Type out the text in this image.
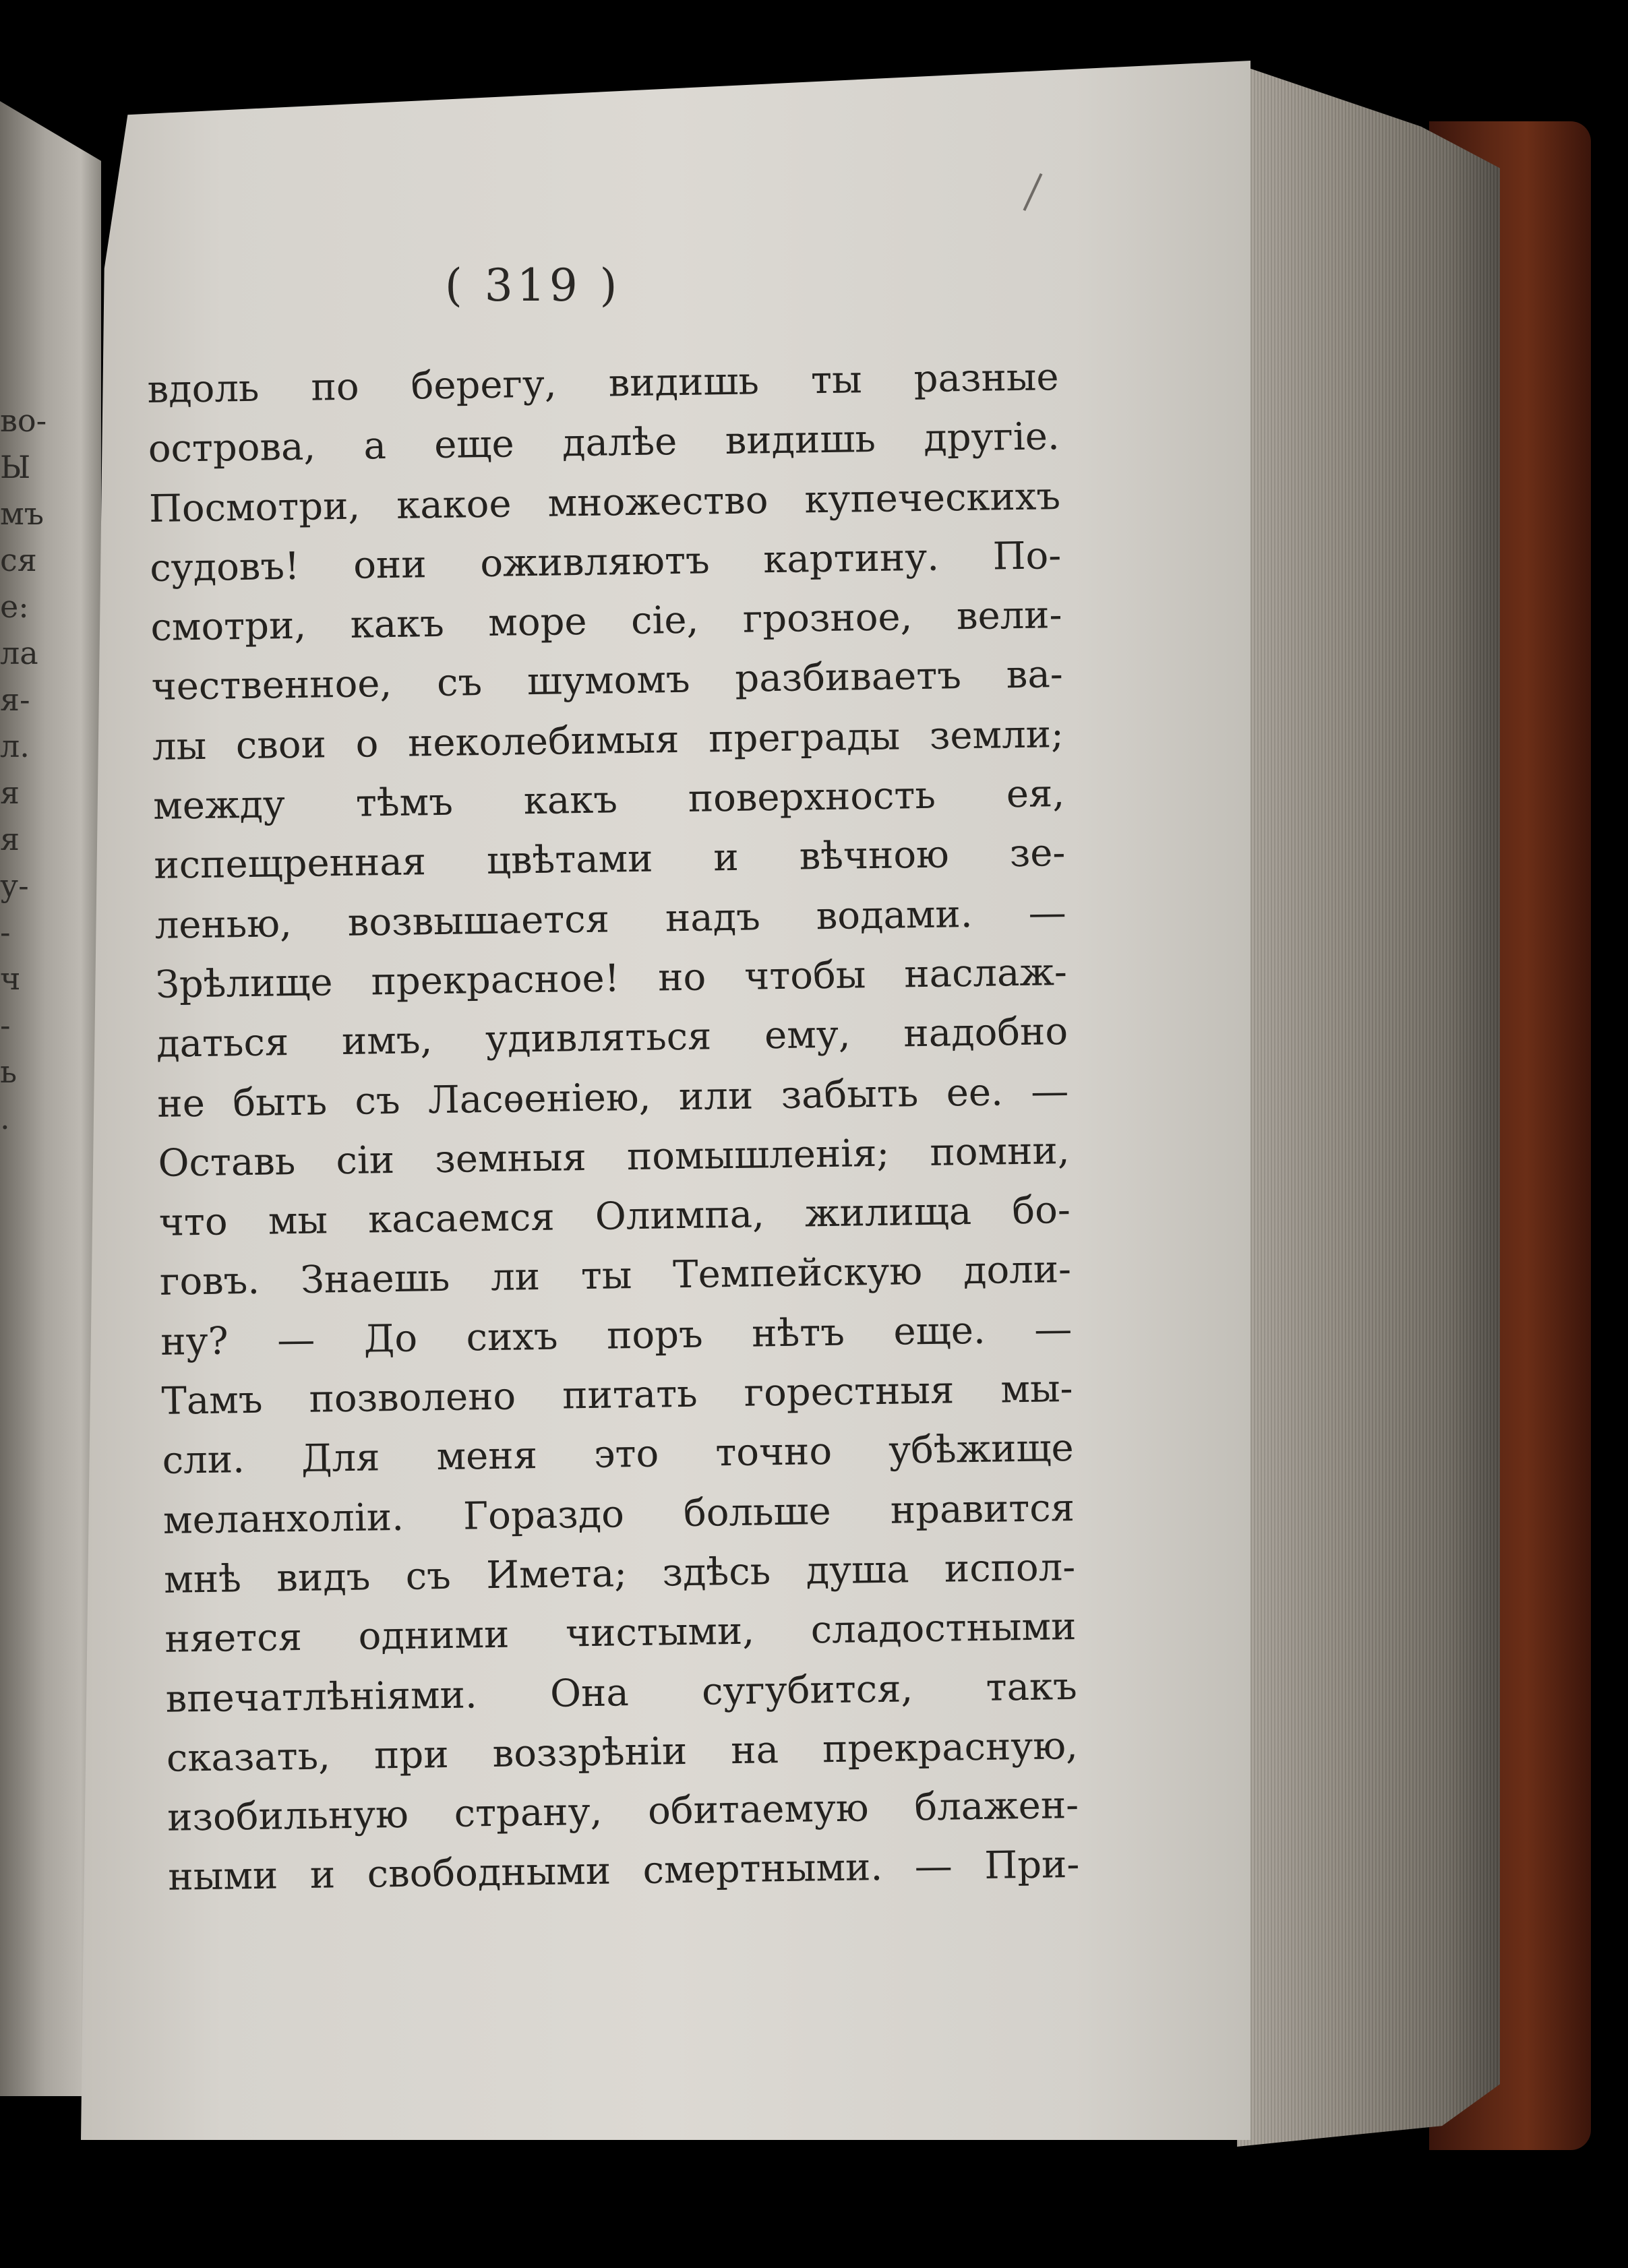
во-
Ы
мъ
ся
е:
ла
я-
л.
я
я
у-
-
ч
-
ь
.
( 319 )
вдоль по берегу, видишь ты разные
острова, а еще далѣе видишь другіе.
Посмотри, какое множество купеческихъ
судовъ! они оживляютъ картину. По-
смотри, какъ море сіе, грозное, вели-
чественное, съ шумомъ разбиваетъ ва-
лы свои о неколебимыя преграды земли;
между тѣмъ какъ поверхность ея,
испещренная цвѣтами и вѣчною зе-
ленью, возвышается надъ водами. —
Зрѣлище прекрасное! но чтобы наслаж-
даться имъ, удивляться ему, надобно
не быть съ Ласѳеніею, или забыть ее. —
Оставь сіи земныя помышленія; помни,
что мы касаемся Олимпа, жилища бо-
говъ. Знаешь ли ты Темпейскую доли-
ну? — До сихъ поръ нѣтъ еще. —
Тамъ позволено питать горестныя мы-
сли. Для меня это точно убѣжище
меланхоліи. Гораздо больше нравится
мнѣ видъ съ Имета; здѣсь душа испол-
няется одними чистыми, сладостными
впечатлѣніями. Она сугубится, такъ
сказать, при воззрѣніи на прекрасную,
изобильную страну, обитаемую блажен-
ными и свободными смертными. — При-
